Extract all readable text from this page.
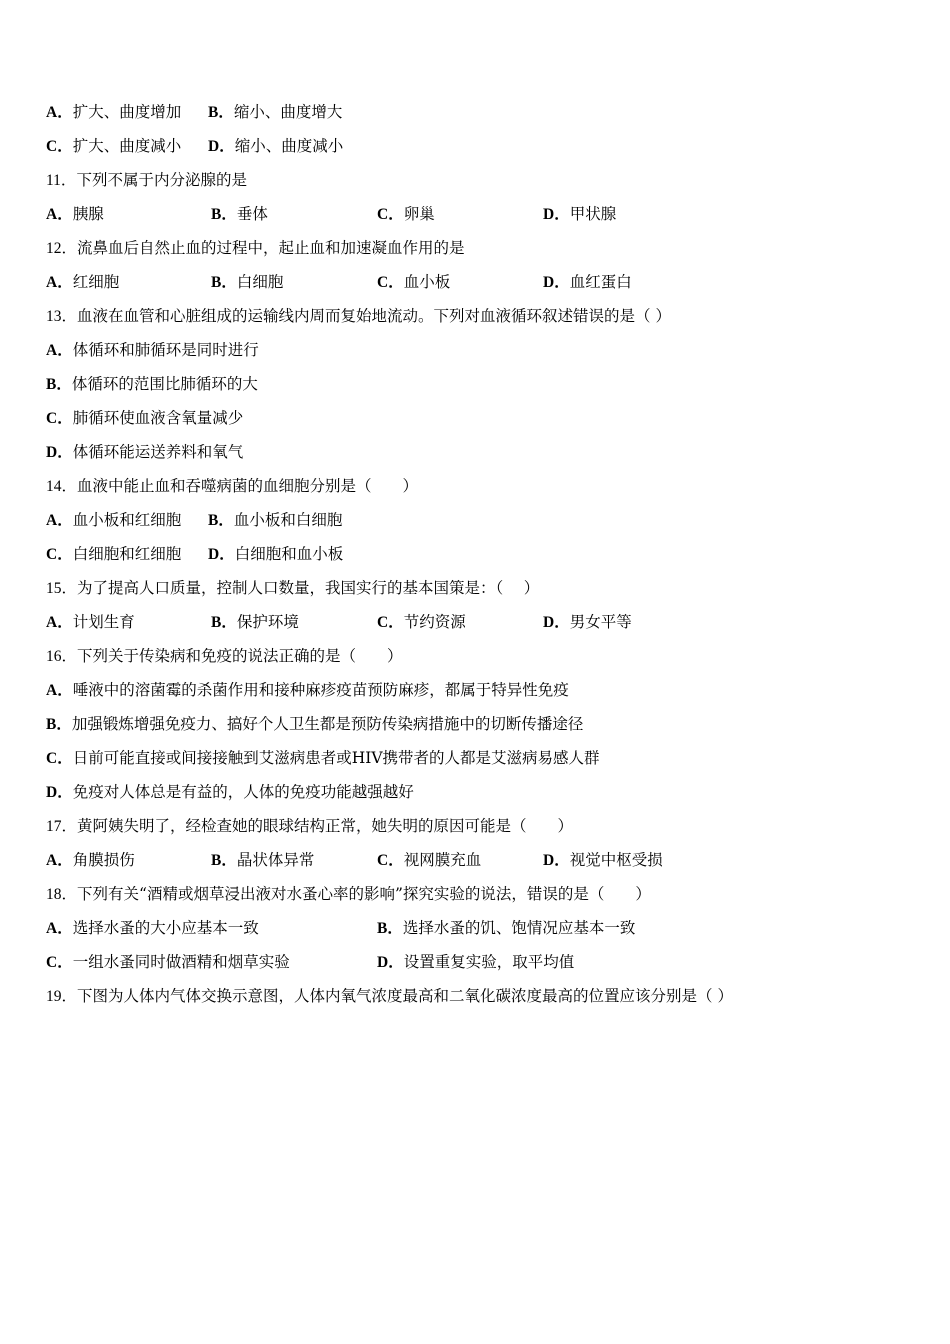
A．扩大、曲度增加 B．缩小、曲度增大
C．扩大、曲度减小 D．缩小、曲度减小
11．下列不属于内分泌腺的是
A．胰腺	B．垂体	C．卵巢	D．甲状腺
12．流鼻血后自然止血的过程中，起止血和加速凝血作用的是
A．红细胞	B．白细胞	C．血小板	D．血红蛋白
13．血液在血管和心脏组成的运输线内周而复始地流动。下列对血液循环叙述错误的是（ ）
A．体循环和肺循环是同时进行
B．体循环的范围比肺循环的大
C．肺循环使血液含氧量减少
D．体循环能运送养料和氧气
14．血液中能止血和吞噬病菌的血细胞分别是（　　）
A．血小板和红细胞 B．血小板和白细胞
C．白细胞和红细胞 D．白细胞和血小板
15．为了提高人口质量，控制人口数量，我国实行的基本国策是：（　 ）
A．计划生育	B．保护环境	C．节约资源	D．男女平等
16．下列关于传染病和免疫的说法正确的是（　　）
A．唾液中的溶菌霉的杀菌作用和接种麻疹疫苗预防麻疹，都属于特异性免疫
B．加强锻炼增强免疫力、搞好个人卫生都是预防传染病措施中的切断传播途径
C．日前可能直接或间接接触到艾滋病患者或HIV携带者的人都是艾滋病易感人群
D．免疫对人体总是有益的，人体的免疫功能越强越好
17．黄阿姨失明了，经检查她的眼球结构正常，她失明的原因可能是（　　）
A．角膜损伤	B．晶状体异常	C．视网膜充血	D．视觉中枢受损
18．下列有关“酒精或烟草浸出液对水蚤心率的影响”探究实验的说法，错误的是（　　）
A．选择水蚤的大小应基本一致	B．选择水蚤的饥、饱情况应基本一致
C．一组水蚤同时做酒精和烟草实验	D．设置重复实验，取平均值
19．下图为人体内气体交换示意图，人体内氧气浓度最高和二氧化碳浓度最高的位置应该分别是（ ）
